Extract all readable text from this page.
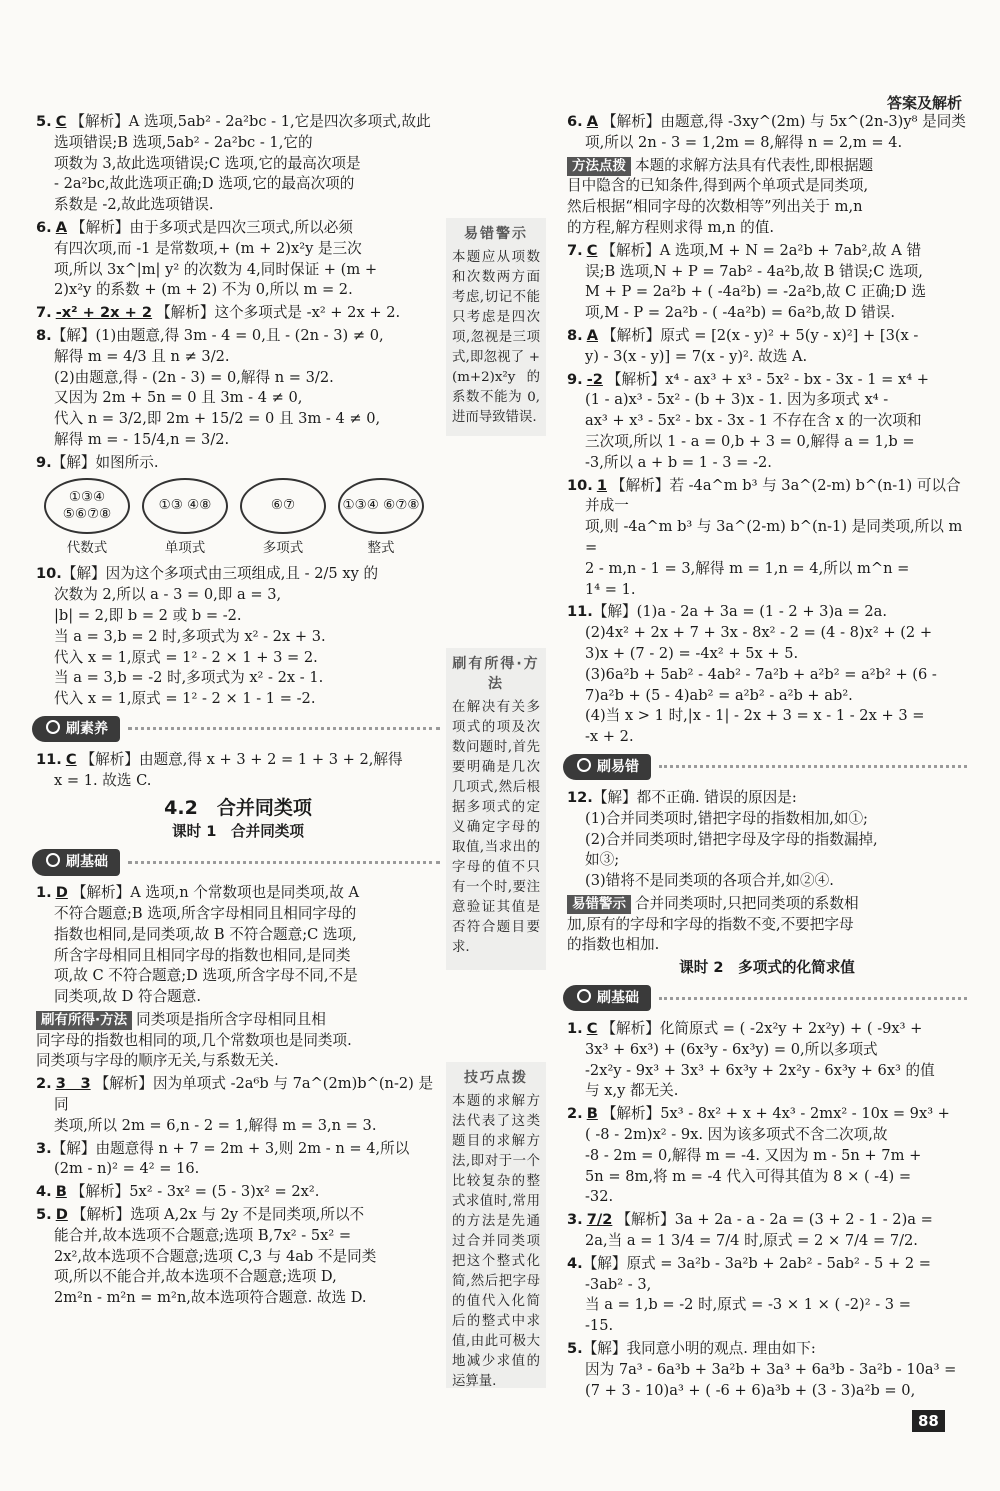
答案及解析
5. C 【解析】A 选项,5ab² - 2a²bc - 1,它是四次多项式,故此选项错误;B 选项,5ab² - 2a²bc - 1,它的
项数为 3,故此选项错误;C 选项,它的最高次项是
- 2a²bc,故此选项正确;D 选项,它的最高次项的
系数是 -2,故此选项错误.
6. A 【解析】由于多项式是四次三项式,所以必须
有四次项,而 -1 是常数项,+ (m + 2)x²y 是三次
项,所以 3x^|m| y² 的次数为 4,同时保证 + (m +
2)x²y 的系数 + (m + 2) 不为 0,所以 m = 2.
7. -x² + 2x + 2 【解析】这个多项式是 -x² + 2x + 2.
8.【解】(1)由题意,得 3m - 4 = 0,且 - (2n - 3) ≠ 0,
解得 m = 4/3 且 n ≠ 3/2.
(2)由题意,得 - (2n - 3) = 0,解得 n = 3/2.
又因为 2m + 5n = 0 且 3m - 4 ≠ 0,
代入 n = 3/2,即 2m + 15/2 = 0 且 3m - 4 ≠ 0,
解得 m = - 15/4,n = 3/2.
9.【解】如图所示.
①③④ ⑤⑥⑦⑧
代数式
①③ ④⑧
单项式
⑥⑦
多项式
①③④ ⑥⑦⑧
整式
10.【解】因为这个多项式由三项组成,且 - 2/5 xy 的
次数为 2,所以 a - 3 = 0,即 a = 3,
|b| = 2,即 b = 2 或 b = -2.
当 a = 3,b = 2 时,多项式为 x² - 2x + 3.
代入 x = 1,原式 = 1² - 2 × 1 + 3 = 2.
当 a = 3,b = -2 时,多项式为 x² - 2x - 1.
代入 x = 1,原式 = 1² - 2 × 1 - 1 = -2.
刷素养
11. C 【解析】由题意,得 x + 3 + 2 = 1 + 3 + 2,解得
x = 1. 故选 C.
4.2　合并同类项
课时 1　合并同类项
刷基础
1. D 【解析】A 选项,n 个常数项也是同类项,故 A
不符合题意;B 选项,所含字母相同且相同字母的
指数也相同,是同类项,故 B 不符合题意;C 选项,
所含字母相同且相同字母的指数也相同,是同类
项,故 C 不符合题意;D 选项,所含字母不同,不是
同类项,故 D 符合题意.
刷有所得·方法 同类项是指所含字母相同且相
同字母的指数也相同的项,几个常数项也是同类项.
同类项与字母的顺序无关,与系数无关.
2. 3　3 【解析】因为单项式 -2a⁶b 与 7a^(2m)b^(n-2) 是同
类项,所以 2m = 6,n - 2 = 1,解得 m = 3,n = 3.
3.【解】由题意得 n + 7 = 2m + 3,则 2m - n = 4,所以
(2m - n)² = 4² = 16.
4. B 【解析】5x² - 3x² = (5 - 3)x² = 2x².
5. D 【解析】选项 A,2x 与 2y 不是同类项,所以不
能合并,故本选项不合题意;选项 B,7x² - 5x² =
2x²,故本选项不合题意;选项 C,3 与 4ab 不是同类
项,所以不能合并,故本选项不合题意;选项 D,
2m²n - m²n = m²n,故本选项符合题意. 故选 D.
易错警示
本题应从项数和次数两方面考虑,切记不能只考虑是四次项,忽视是三项式,即忽视了 +(m+2)x²y 的系数不能为 0,进而导致错误.
刷有所得·方法
在解决有关多项式的项及次数问题时,首先要明确是几次几项式,然后根据多项式的定义确定字母的取值,当求出的字母的值不只有一个时,要注意验证其值是否符合题目要求.
技巧点拨
本题的求解方法代表了这类题目的求解方法,即对于一个比较复杂的整式求值时,常用的方法是先通过合并同类项把这个整式化简,然后把字母的值代入化简后的整式中求值,由此可极大地减少求值的运算量.
6. A 【解析】由题意,得 -3xy^(2m) 与 5x^(2n-3)y⁸ 是同类
项,所以 2n - 3 = 1,2m = 8,解得 n = 2,m = 4.
方法点拨 本题的求解方法具有代表性,即根据题
目中隐含的已知条件,得到两个单项式是同类项,
然后根据“相同字母的次数相等”列出关于 m,n
的方程,解方程则求得 m,n 的值.
7. C 【解析】A 选项,M + N = 2a²b + 7ab²,故 A 错
误;B 选项,N + P = 7ab² - 4a²b,故 B 错误;C 选项,
M + P = 2a²b + ( -4a²b) = -2a²b,故 C 正确;D 选
项,M - P = 2a²b - ( -4a²b) = 6a²b,故 D 错误.
8. A 【解析】原式 = [2(x - y)² + 5(y - x)²] + [3(x -
y) - 3(x - y)] = 7(x - y)². 故选 A.
9. -2 【解析】x⁴ - ax³ + x³ - 5x² - bx - 3x - 1 = x⁴ +
(1 - a)x³ - 5x² - (b + 3)x - 1. 因为多项式 x⁴ -
ax³ + x³ - 5x² - bx - 3x - 1 不存在含 x 的一次项和
三次项,所以 1 - a = 0,b + 3 = 0,解得 a = 1,b =
-3,所以 a + b = 1 - 3 = -2.
10. 1 【解析】若 -4a^m b³ 与 3a^(2-m) b^(n-1) 可以合并成一
项,则 -4a^m b³ 与 3a^(2-m) b^(n-1) 是同类项,所以 m =
2 - m,n - 1 = 3,解得 m = 1,n = 4,所以 m^n =
1⁴ = 1.
11.【解】(1)a - 2a + 3a = (1 - 2 + 3)a = 2a.
(2)4x² + 2x + 7 + 3x - 8x² - 2 = (4 - 8)x² + (2 +
3)x + (7 - 2) = -4x² + 5x + 5.
(3)6a²b + 5ab² - 4ab² - 7a²b + a²b² = a²b² + (6 -
7)a²b + (5 - 4)ab² = a²b² - a²b + ab².
(4)当 x > 1 时,|x - 1| - 2x + 3 = x - 1 - 2x + 3 =
-x + 2.
刷易错
12.【解】都不正确. 错误的原因是:
(1)合并同类项时,错把字母的指数相加,如①;
(2)合并同类项时,错把字母及字母的指数漏掉,
如③;
(3)错将不是同类项的各项合并,如②④.
易错警示 合并同类项时,只把同类项的系数相
加,原有的字母和字母的指数不变,不要把字母
的指数也相加.
课时 2　多项式的化简求值
刷基础
1. C 【解析】化简原式 = ( -2x²y + 2x²y) + ( -9x³ +
3x³ + 6x³) + (6x³y - 6x³y) = 0,所以多项式
-2x²y - 9x³ + 3x³ + 6x³y + 2x²y - 6x³y + 6x³ 的值
与 x,y 都无关.
2. B 【解析】5x³ - 8x² + x + 4x³ - 2mx² - 10x = 9x³ +
( -8 - 2m)x² - 9x. 因为该多项式不含二次项,故
-8 - 2m = 0,解得 m = -4. 又因为 m - 5n + 7m +
5n = 8m,将 m = -4 代入可得其值为 8 × ( -4) =
-32.
3. 7/2 【解析】3a + 2a - a - 2a = (3 + 2 - 1 - 2)a =
2a,当 a = 1 3/4 = 7/4 时,原式 = 2 × 7/4 = 7/2.
4.【解】原式 = 3a²b - 3a²b + 2ab² - 5ab² - 5 + 2 =
-3ab² - 3,
当 a = 1,b = -2 时,原式 = -3 × 1 × ( -2)² - 3 =
-15.
5.【解】我同意小明的观点. 理由如下:
因为 7a³ - 6a³b + 3a²b + 3a³ + 6a³b - 3a²b - 10a³ =
(7 + 3 - 10)a³ + ( -6 + 6)a³b + (3 - 3)a²b = 0,
88
